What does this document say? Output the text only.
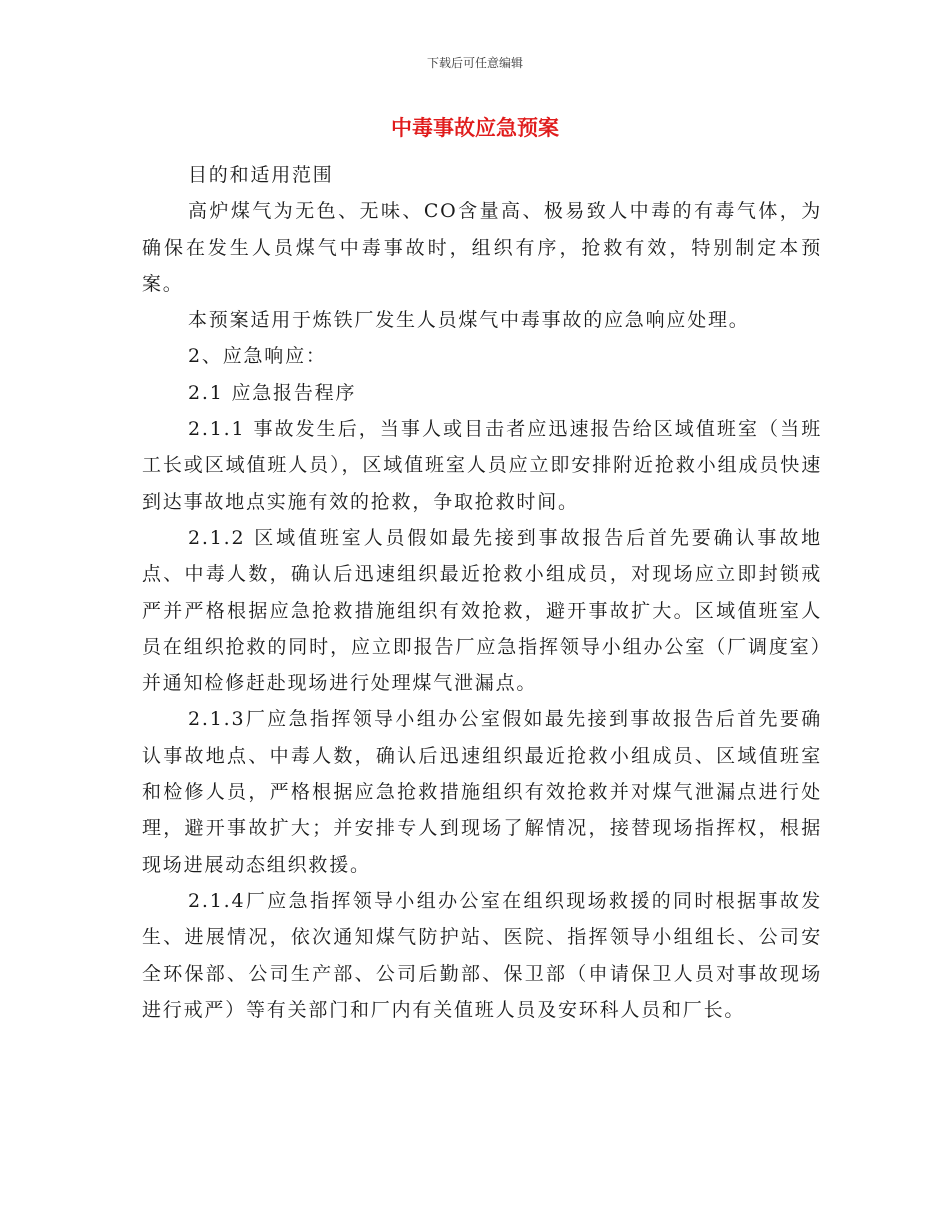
下载后可任意编辑
中毒事故应急预案

目的和适用范围

高炉煤气为无色、无味、CO含量高、极易致人中毒的有毒气体，为确保在发生人员煤气中毒事故时，组织有序，抢救有效，特别制定本预案。

本预案适用于炼铁厂发生人员煤气中毒事故的应急响应处理。

2、应急响应：

2.1 应急报告程序

2.1.1 事故发生后，当事人或目击者应迅速报告给区域值班室（当班工长或区域值班人员），区域值班室人员应立即安排附近抢救小组成员快速到达事故地点实施有效的抢救，争取抢救时间。

2.1.2 区域值班室人员假如最先接到事故报告后首先要确认事故地点、中毒人数，确认后迅速组织最近抢救小组成员，对现场应立即封锁戒严并严格根据应急抢救措施组织有效抢救，避开事故扩大。区域值班室人员在组织抢救的同时，应立即报告厂应急指挥领导小组办公室（厂调度室）并通知检修赶赴现场进行处理煤气泄漏点。

2.1.3厂应急指挥领导小组办公室假如最先接到事故报告后首先要确认事故地点、中毒人数，确认后迅速组织最近抢救小组成员、区域值班室和检修人员，严格根据应急抢救措施组织有效抢救并对煤气泄漏点进行处理，避开事故扩大；并安排专人到现场了解情况，接替现场指挥权，根据现场进展动态组织救援。

2.1.4厂应急指挥领导小组办公室在组织现场救援的同时根据事故发生、进展情况，依次通知煤气防护站、医院、指挥领导小组组长、公司安全环保部、公司生产部、公司后勤部、保卫部（申请保卫人员对事故现场进行戒严）等有关部门和厂内有关值班人员及安环科人员和厂长。
